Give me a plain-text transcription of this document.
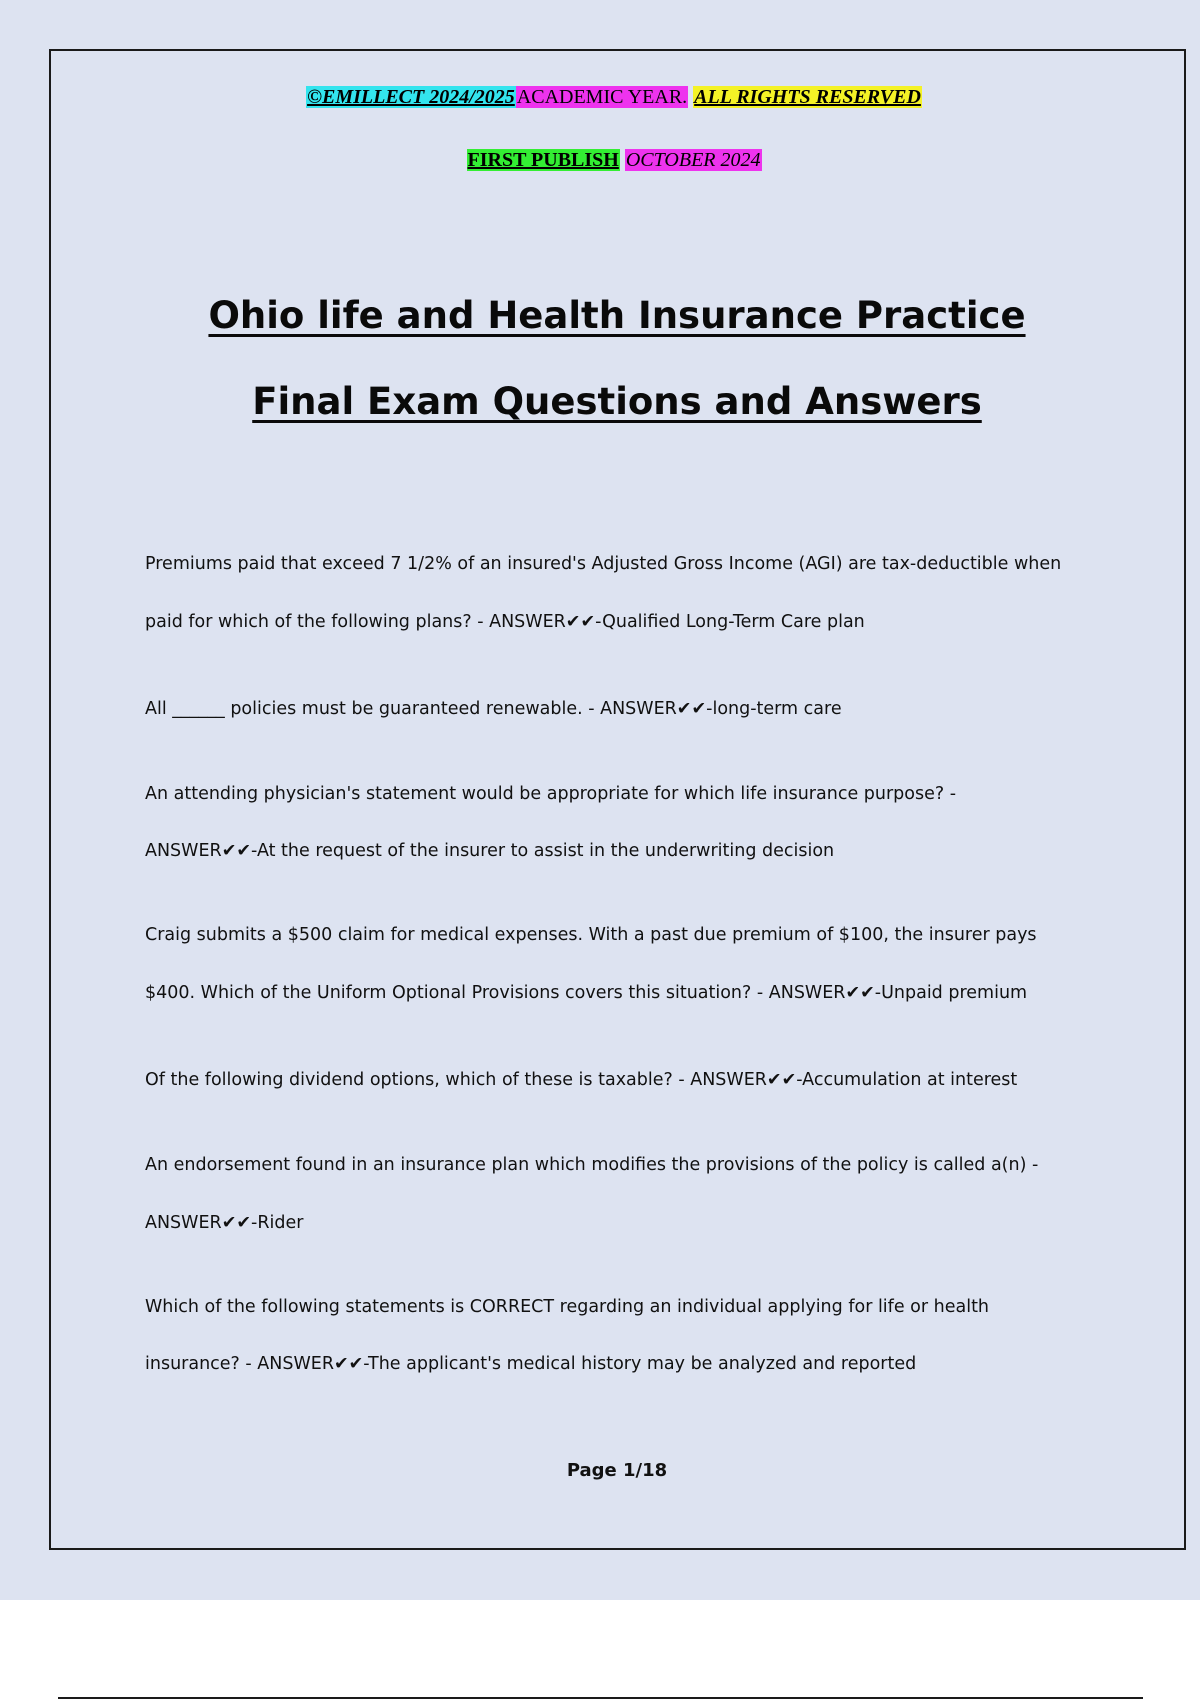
©EMILLECT 2024/2025 ACADEMIC YEAR. ALL RIGHTS RESERVED
FIRST PUBLISH OCTOBER 2024
Ohio life and Health Insurance Practice
Final Exam Questions and Answers
Premiums paid that exceed 7 1/2% of an insured's Adjusted Gross Income (AGI) are tax-deductible when
paid for which of the following plans? - ANSWER✔✔-Qualified Long-Term Care plan
All ______ policies must be guaranteed renewable. - ANSWER✔✔-long-term care
An attending physician's statement would be appropriate for which life insurance purpose? -
ANSWER✔✔-At the request of the insurer to assist in the underwriting decision
Craig submits a $500 claim for medical expenses. With a past due premium of $100, the insurer pays
$400. Which of the Uniform Optional Provisions covers this situation? - ANSWER✔✔-Unpaid premium
Of the following dividend options, which of these is taxable? - ANSWER✔✔-Accumulation at interest
An endorsement found in an insurance plan which modifies the provisions of the policy is called a(n) -
ANSWER✔✔-Rider
Which of the following statements is CORRECT regarding an individual applying for life or health
insurance? - ANSWER✔✔-The applicant's medical history may be analyzed and reported
Page 1/18
